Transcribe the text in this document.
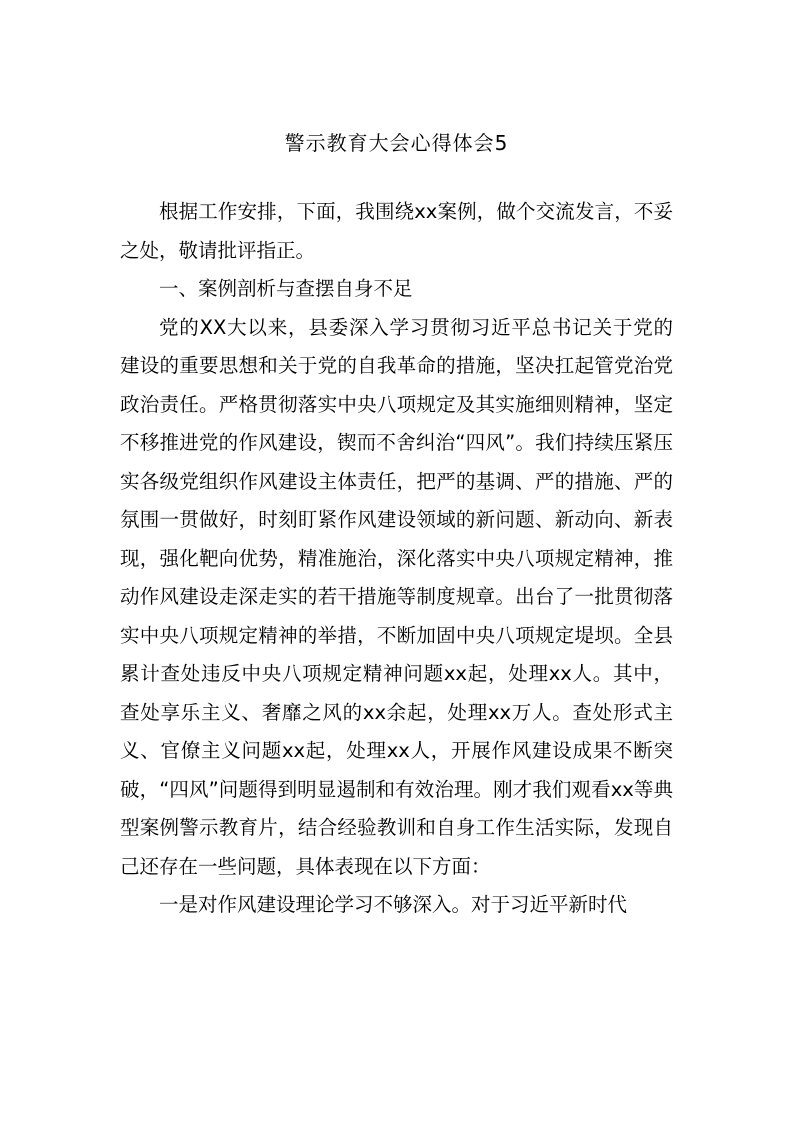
警示教育大会心得体会5

根据工作安排，下面，我围绕xx案例，做个交流发言，不妥之处，敬请批评指正。

一、案例剖析与查摆自身不足

党的XX大以来，县委深入学习贯彻习近平总书记关于党的建设的重要思想和关于党的自我革命的措施，坚决扛起管党治党政治责任。严格贯彻落实中央八项规定及其实施细则精神，坚定不移推进党的作风建设，锲而不舍纠治“四风”。我们持续压紧压实各级党组织作风建设主体责任，把严的基调、严的措施、严的氛围一贯做好，时刻盯紧作风建设领域的新问题、新动向、新表现，强化靶向优势，精准施治，深化落实中央八项规定精神，推动作风建设走深走实的若干措施等制度规章。出台了一批贯彻落实中央八项规定精神的举措，不断加固中央八项规定堤坝。全县累计查处违反中央八项规定精神问题xx起，处理xx人。其中，查处享乐主义、奢靡之风的xx余起，处理xx万人。查处形式主义、官僚主义问题xx起，处理xx人，开展作风建设成果不断突破，“四风”问题得到明显遏制和有效治理。刚才我们观看xx等典型案例警示教育片，结合经验教训和自身工作生活实际，发现自己还存在一些问题，具体表现在以下方面：

一是对作风建设理论学习不够深入。对于习近平新时代
